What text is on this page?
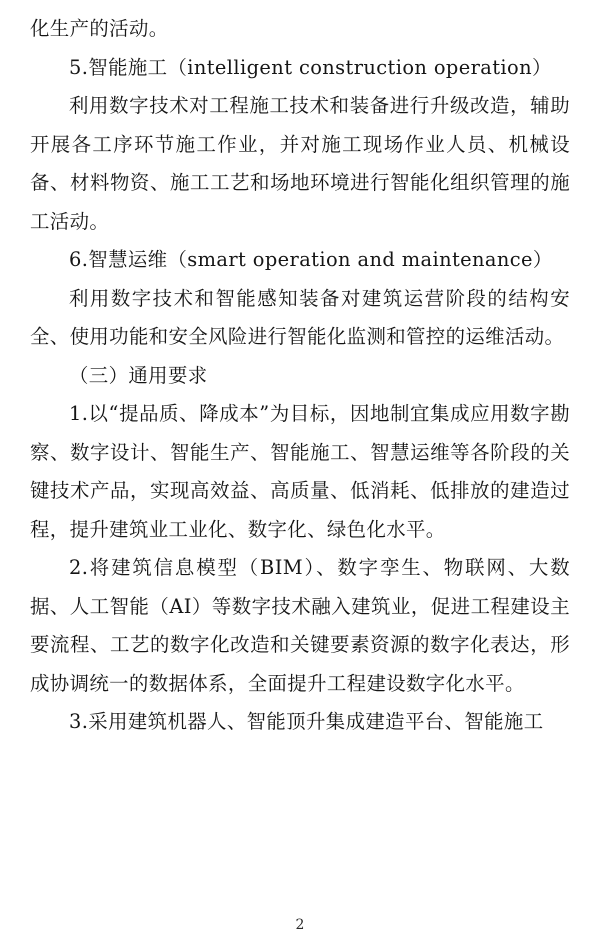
化生产的活动。

5.智能施工（intelligent construction operation）

利用数字技术对工程施工技术和装备进行升级改造，辅助开展各工序环节施工作业，并对施工现场作业人员、机械设备、材料物资、施工工艺和场地环境进行智能化组织管理的施工活动。

6.智慧运维（smart operation and maintenance）

利用数字技术和智能感知装备对建筑运营阶段的结构安全、使用功能和安全风险进行智能化监测和管控的运维活动。

（三）通用要求

1.以“提品质、降成本”为目标，因地制宜集成应用数字勘察、数字设计、智能生产、智能施工、智慧运维等各阶段的关键技术产品，实现高效益、高质量、低消耗、低排放的建造过程，提升建筑业工业化、数字化、绿色化水平。

2.将建筑信息模型（BIM）、数字孪生、物联网、大数据、人工智能（AI）等数字技术融入建筑业，促进工程建设主要流程、工艺的数字化改造和关键要素资源的数字化表达，形成协调统一的数据体系，全面提升工程建设数字化水平。

3.采用建筑机器人、智能顶升集成建造平台、智能施工

2
